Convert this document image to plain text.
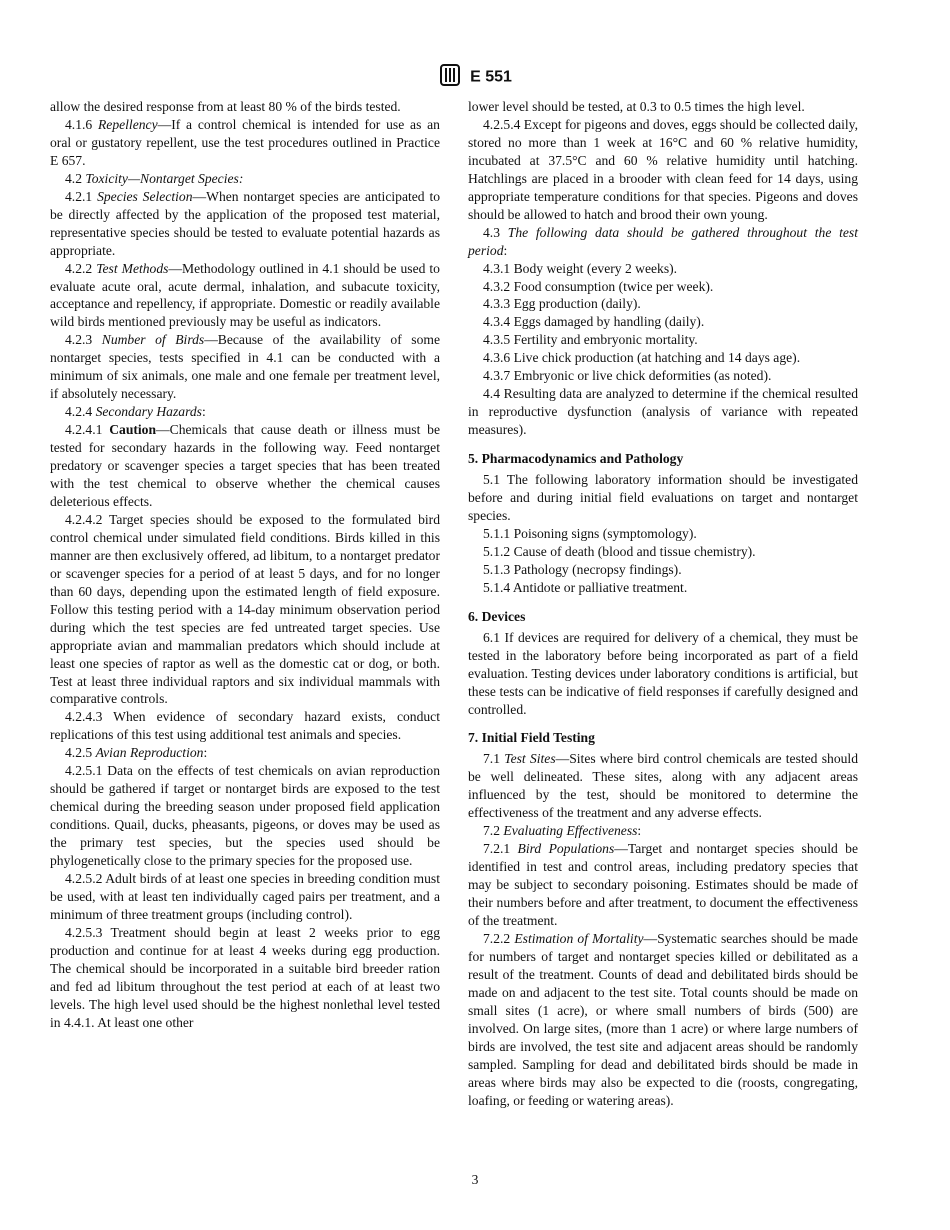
E 551

allow the desired response from at least 80 % of the birds tested.

4.1.6 Repellency—If a control chemical is intended for use as an oral or gustatory repellent, use the test procedures outlined in Practice E 657.

4.2 Toxicity—Nontarget Species:

4.2.1 Species Selection—When nontarget species are anticipated to be directly affected by the application of the proposed test material, representative species should be tested to evaluate potential hazards as appropriate.

4.2.2 Test Methods—Methodology outlined in 4.1 should be used to evaluate acute oral, acute dermal, inhalation, and subacute toxicity, acceptance and repellency, if appropriate. Domestic or readily available wild birds mentioned previously may be useful as indicators.

4.2.3 Number of Birds—Because of the availability of some nontarget species, tests specified in 4.1 can be conducted with a minimum of six animals, one male and one female per treatment level, if absolutely necessary.

4.2.4 Secondary Hazards:

4.2.4.1 Caution—Chemicals that cause death or illness must be tested for secondary hazards in the following way. Feed nontarget predatory or scavenger species a target species that has been treated with the test chemical to observe whether the chemical causes deleterious effects.

4.2.4.2 Target species should be exposed to the formulated bird control chemical under simulated field conditions. Birds killed in this manner are then exclusively offered, ad libitum, to a nontarget predator or scavenger species for a period of at least 5 days, and for no longer than 60 days, depending upon the estimated length of field exposure. Follow this testing period with a 14-day minimum observation period during which the test species are fed untreated target species. Use appropriate avian and mammalian predators which should include at least one species of raptor as well as the domestic cat or dog, or both. Test at least three individual raptors and six individual mammals with comparative controls.

4.2.4.3 When evidence of secondary hazard exists, conduct replications of this test using additional test animals and species.

4.2.5 Avian Reproduction:

4.2.5.1 Data on the effects of test chemicals on avian reproduction should be gathered if target or nontarget birds are exposed to the test chemical during the breeding season under proposed field application conditions. Quail, ducks, pheasants, pigeons, or doves may be used as the primary test species, but the species used should be phylogenetically close to the primary species for the proposed use.

4.2.5.2 Adult birds of at least one species in breeding condition must be used, with at least ten individually caged pairs per treatment, and a minimum of three treatment groups (including control).

4.2.5.3 Treatment should begin at least 2 weeks prior to egg production and continue for at least 4 weeks during egg production. The chemical should be incorporated in a suitable bird breeder ration and fed ad libitum throughout the test period at each of at least two levels. The high level used should be the highest nonlethal level tested in 4.4.1. At least one other

lower level should be tested, at 0.3 to 0.5 times the high level.

4.2.5.4 Except for pigeons and doves, eggs should be collected daily, stored no more than 1 week at 16°C and 60 % relative humidity, incubated at 37.5°C and 60 % relative humidity until hatching. Hatchlings are placed in a brooder with clean feed for 14 days, using appropriate temperature conditions for that species. Pigeons and doves should be allowed to hatch and brood their own young.

4.3 The following data should be gathered throughout the test period:

4.3.1 Body weight (every 2 weeks).

4.3.2 Food consumption (twice per week).

4.3.3 Egg production (daily).

4.3.4 Eggs damaged by handling (daily).

4.3.5 Fertility and embryonic mortality.

4.3.6 Live chick production (at hatching and 14 days age).

4.3.7 Embryonic or live chick deformities (as noted).

4.4 Resulting data are analyzed to determine if the chemical resulted in reproductive dysfunction (analysis of variance with repeated measures).

5. Pharmacodynamics and Pathology

5.1 The following laboratory information should be investigated before and during initial field evaluations on target and nontarget species.

5.1.1 Poisoning signs (symptomology).

5.1.2 Cause of death (blood and tissue chemistry).

5.1.3 Pathology (necropsy findings).

5.1.4 Antidote or palliative treatment.

6. Devices

6.1 If devices are required for delivery of a chemical, they must be tested in the laboratory before being incorporated as part of a field evaluation. Testing devices under laboratory conditions is artificial, but these tests can be indicative of field responses if carefully designed and controlled.

7. Initial Field Testing

7.1 Test Sites—Sites where bird control chemicals are tested should be well delineated. These sites, along with any adjacent areas influenced by the test, should be monitored to determine the effectiveness of the treatment and any adverse effects.

7.2 Evaluating Effectiveness:

7.2.1 Bird Populations—Target and nontarget species should be identified in test and control areas, including predatory species that may be subject to secondary poisoning. Estimates should be made of their numbers before and after treatment, to document the effectiveness of the treatment.

7.2.2 Estimation of Mortality—Systematic searches should be made for numbers of target and nontarget species killed or debilitated as a result of the treatment. Counts of dead and debilitated birds should be made on and adjacent to the test site. Total counts should be made on small sites (1 acre), or where small numbers of birds (500) are involved. On large sites, (more than 1 acre) or where large numbers of birds are involved, the test site and adjacent areas should be randomly sampled. Sampling for dead and debilitated birds should be made in areas where birds may also be expected to die (roosts, congregating, loafing, or feeding or watering areas).

3
